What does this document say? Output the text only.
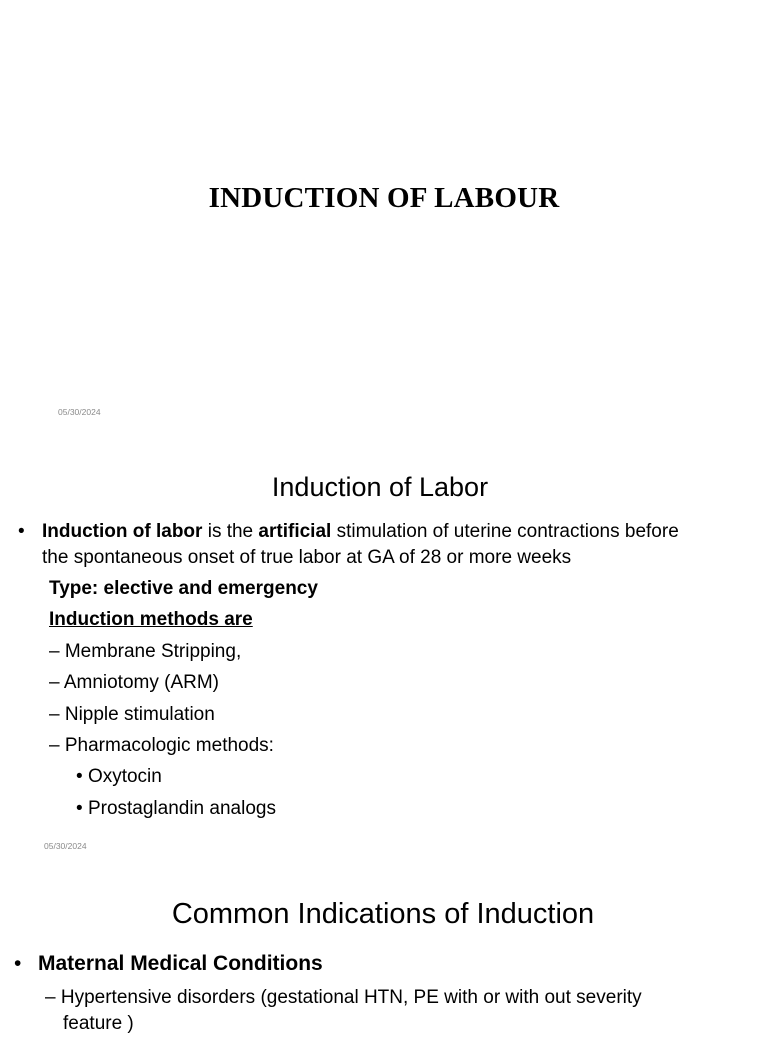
INDUCTION OF LABOUR
05/30/2024
Induction of Labor
• Induction of labor is the artificial stimulation of uterine contractions before
the spontaneous onset of true labor at GA of 28 or more weeks
Type: elective and emergency
Induction methods are
– Membrane Stripping,
– Amniotomy (ARM)
– Nipple stimulation
– Pharmacologic methods:
• Oxytocin
• Prostaglandin analogs
05/30/2024
Common Indications of Induction
• Maternal Medical Conditions
– Hypertensive disorders (gestational HTN, PE with or with out severity
feature )
